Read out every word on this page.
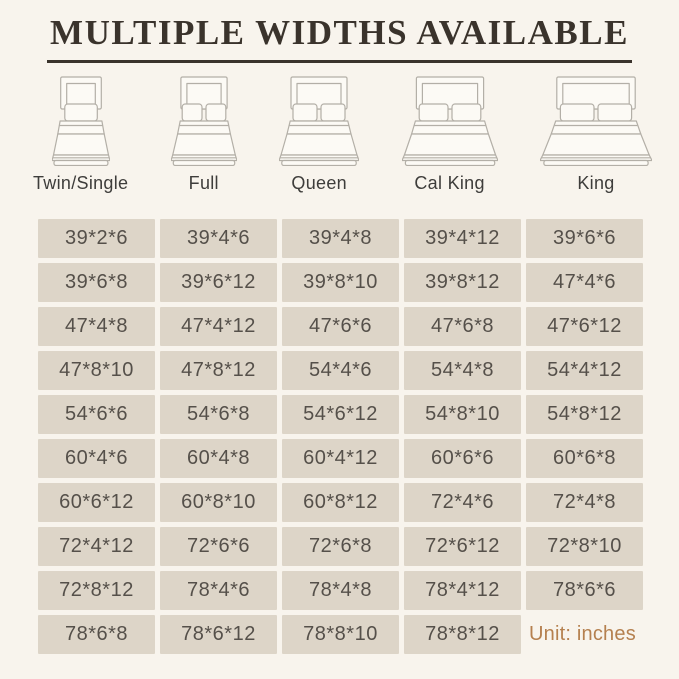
MULTIPLE WIDTHS AVAILABLE
Twin/Single	Full	Queen	Cal King	King
39*2*6	39*4*6	39*4*8	39*4*12	39*6*6
39*6*8	39*6*12	39*8*10	39*8*12	47*4*6
47*4*8	47*4*12	47*6*6	47*6*8	47*6*12
47*8*10	47*8*12	54*4*6	54*4*8	54*4*12
54*6*6	54*6*8	54*6*12	54*8*10	54*8*12
60*4*6	60*4*8	60*4*12	60*6*6	60*6*8
60*6*12	60*8*10	60*8*12	72*4*6	72*4*8
72*4*12	72*6*6	72*6*8	72*6*12	72*8*10
72*8*12	78*4*6	78*4*8	78*4*12	78*6*6
78*6*8	78*6*12	78*8*10	78*8*12	Unit: inches
